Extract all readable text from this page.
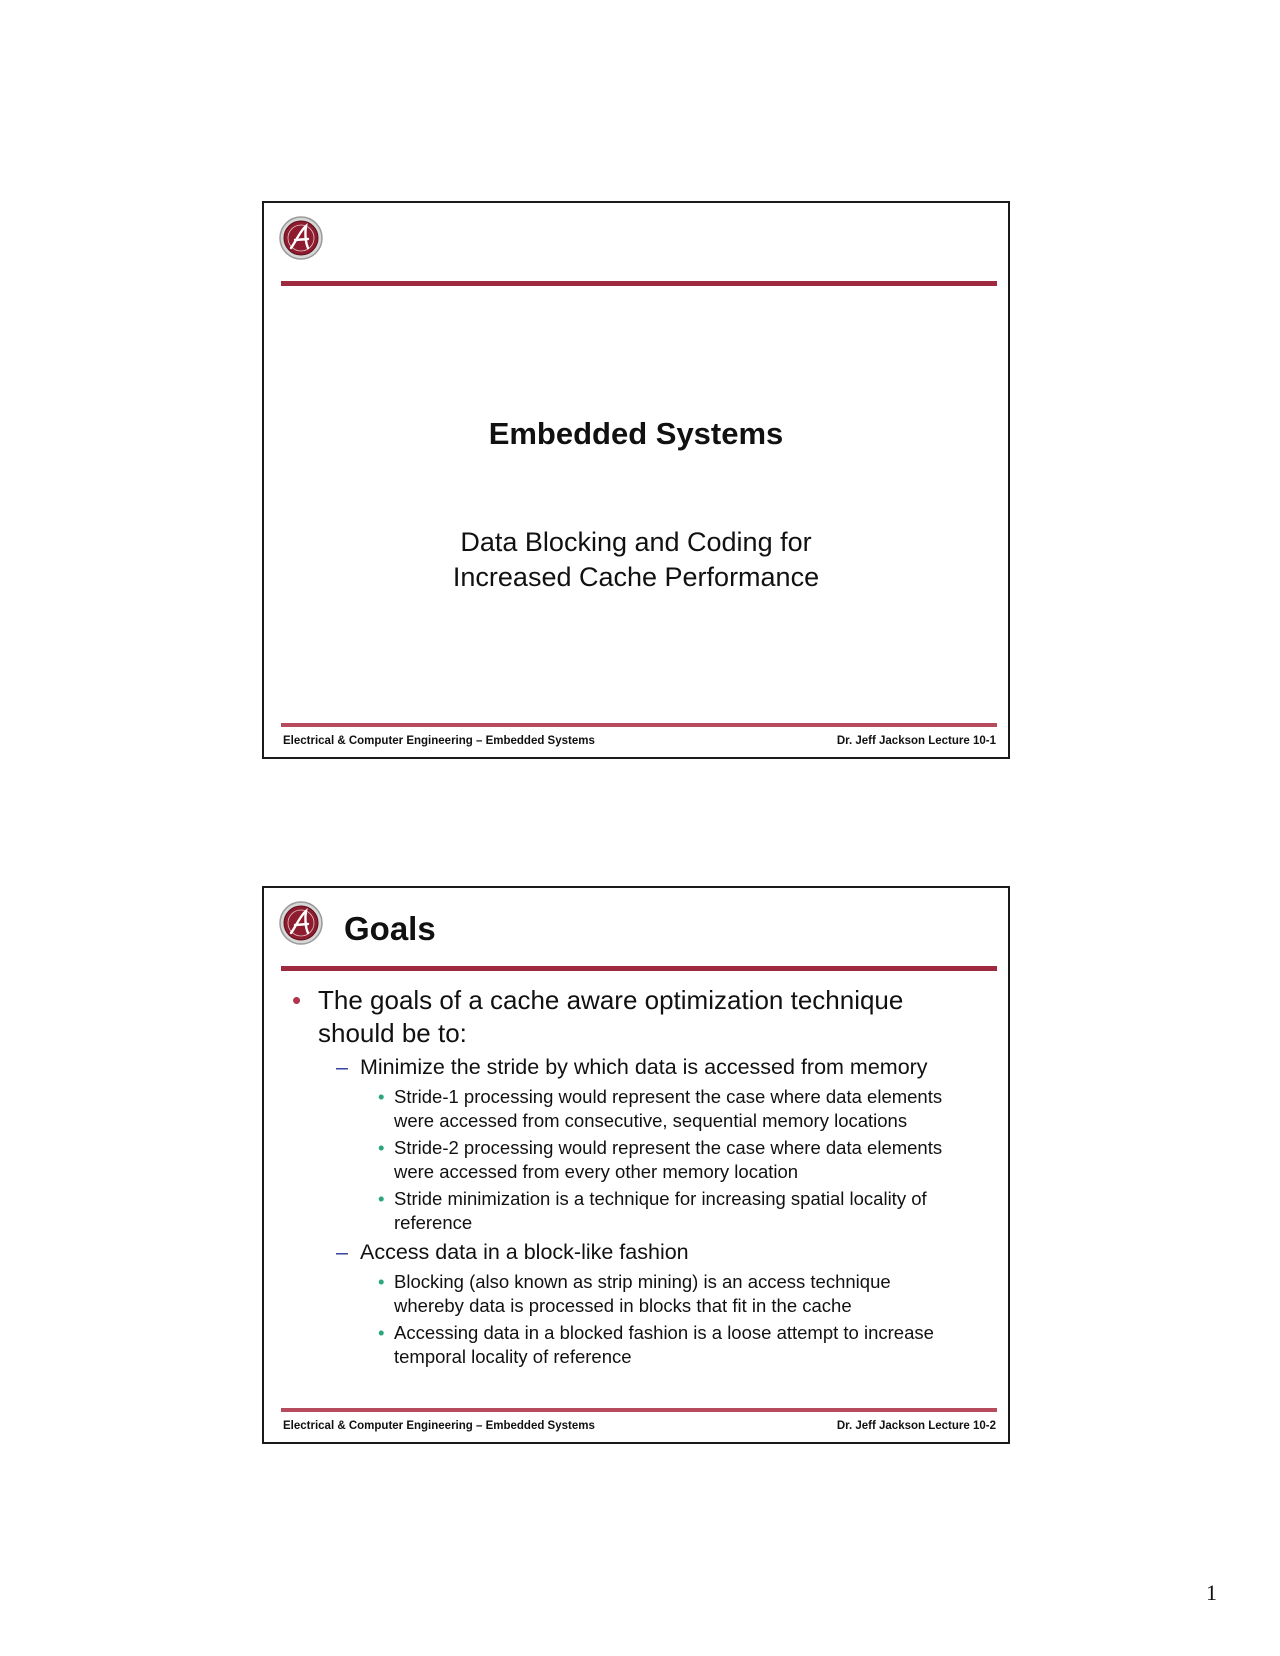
Embedded Systems
Data Blocking and Coding for
Increased Cache Performance
Electrical & Computer Engineering – Embedded Systems	Dr. Jeff Jackson Lecture 10-1
Goals
• The goals of a cache aware optimization technique
should be to:
– Minimize the stride by which data is accessed from memory
• Stride-1 processing would represent the case where data elements
were accessed from consecutive, sequential memory locations
• Stride-2 processing would represent the case where data elements
were accessed from every other memory location
• Stride minimization is a technique for increasing spatial locality of
reference
– Access data in a block-like fashion
• Blocking (also known as strip mining) is an access technique
whereby data is processed in blocks that fit in the cache
• Accessing data in a blocked fashion is a loose attempt to increase
temporal locality of reference
Electrical & Computer Engineering – Embedded Systems	Dr. Jeff Jackson Lecture 10-2
1
